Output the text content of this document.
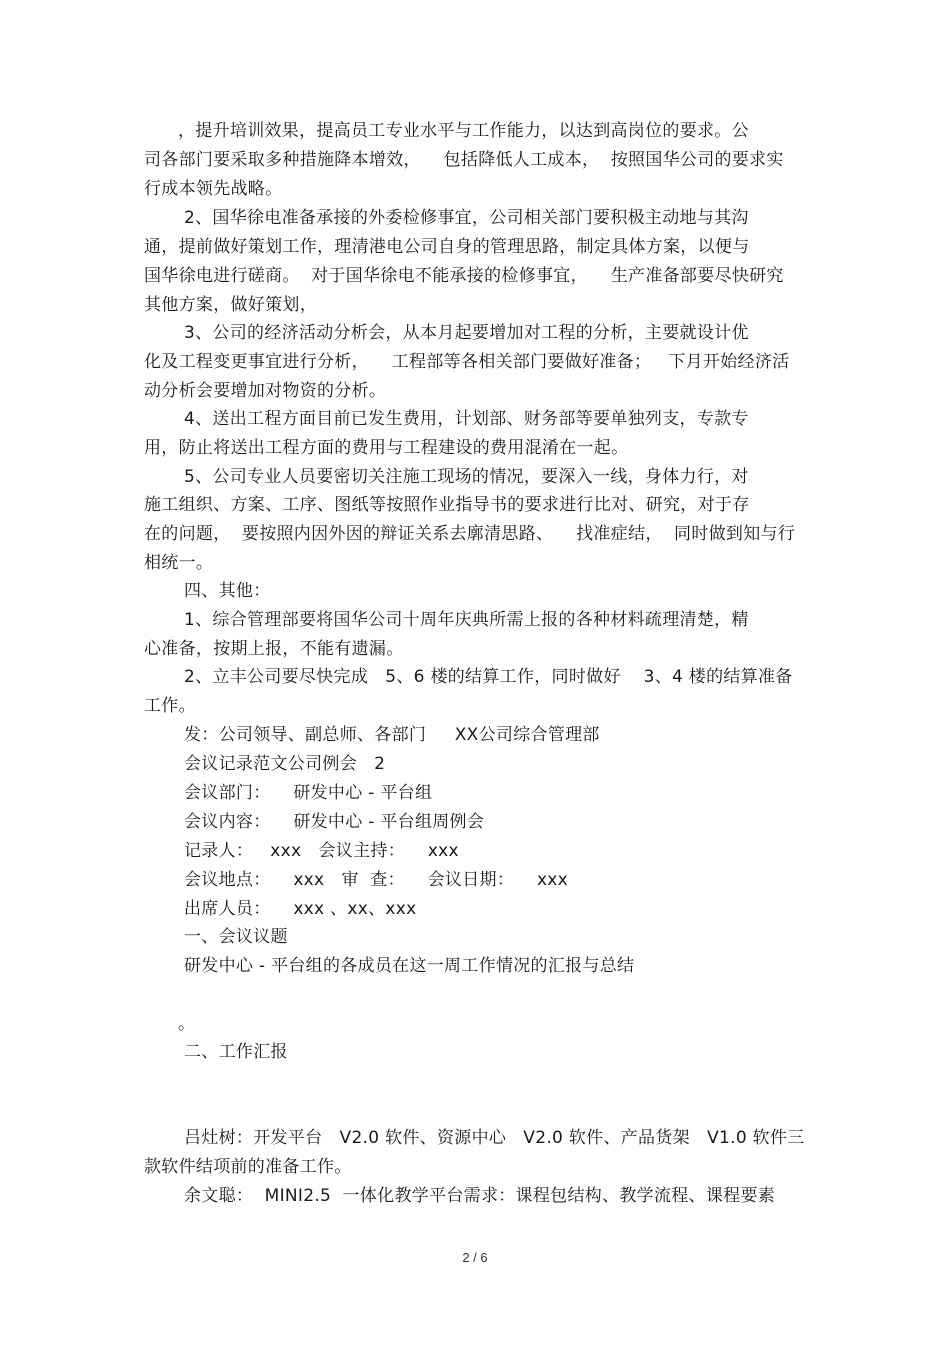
，提升培训效果，提高员工专业水平与工作能力，以达到高岗位的要求。公
司各部门要采取多种措施降本增效，    包括降低人工成本，  按照国华公司的要求实
行成本领先战略。
2、国华徐电准备承接的外委检修事宜，公司相关部门要积极主动地与其沟
通，提前做好策划工作，理清港电公司自身的管理思路，制定具体方案，以便与
国华徐电进行磋商。  对于国华徐电不能承接的检修事宜，    生产准备部要尽快研究
其他方案，做好策划，
3、公司的经济活动分析会，从本月起要增加对工程的分析，主要就设计优
化及工程变更事宜进行分析，    工程部等各相关部门要做好准备；   下月开始经济活
动分析会要增加对物资的分析。
4、送出工程方面目前已发生费用，计划部、财务部等要单独列支，专款专
用，防止将送出工程方面的费用与工程建设的费用混淆在一起。
5、公司专业人员要密切关注施工现场的情况，要深入一线，身体力行，对
施工组织、方案、工序、图纸等按照作业指导书的要求进行比对、研究，对于存
在的问题，  要按照内因外因的辩证关系去廓清思路、    找准症结，  同时做到知与行
相统一。
四、其他：
1、综合管理部要将国华公司十周年庆典所需上报的各种材料疏理清楚，精
心准备，按期上报，不能有遗漏。
2、立丰公司要尽快完成   5、6 楼的结算工作，同时做好    3、4 楼的结算准备
工作。
发：公司领导、副总师、各部门     XX公司综合管理部
会议记录范文公司例会   2
会议部门：    研发中心 - 平台组
会议内容：    研发中心 - 平台组周例会
记录人：   xxx   会议主持：    xxx
会议地点：    xxx   审  查：    会议日期：    xxx
出席人员：    xxx 、xx、xxx
一、会议议题
研发中心 - 平台组的各成员在这一周工作情况的汇报与总结
。
二、工作汇报
吕灶树：开发平台   V2.0 软件、资源中心   V2.0 软件、产品货架   V1.0 软件三
款软件结项前的准备工作。
余文聪：  MINI2.5  一体化教学平台需求：课程包结构、教学流程、课程要素
2 / 6
